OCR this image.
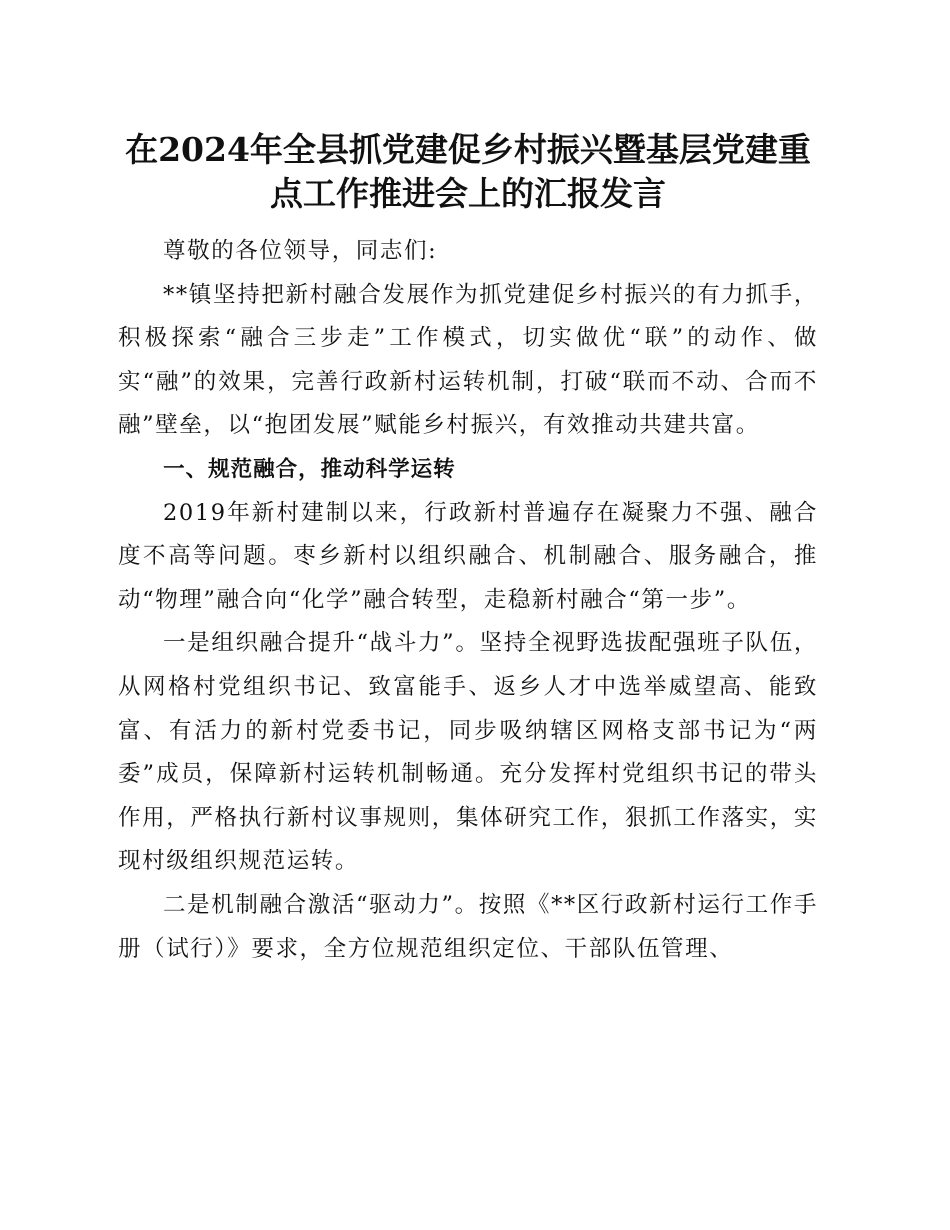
在2024年全县抓党建促乡村振兴暨基层党建重
点工作推进会上的汇报发言

尊敬的各位领导，同志们:

**镇坚持把新村融合发展作为抓党建促乡村振兴的有力抓手，积极探索“融合三步走”工作模式，切实做优“联”的动作、做实“融”的效果，完善行政新村运转机制，打破“联而不动、合而不融”壁垒，以“抱团发展”赋能乡村振兴，有效推动共建共富。

一、规范融合，推动科学运转

2019年新村建制以来，行政新村普遍存在凝聚力不强、融合度不高等问题。枣乡新村以组织融合、机制融合、服务融合，推动“物理”融合向“化学”融合转型，走稳新村融合“第一步”。

一是组织融合提升“战斗力”。坚持全视野选拔配强班子队伍，从网格村党组织书记、致富能手、返乡人才中选举威望高、能致富、有活力的新村党委书记，同步吸纳辖区网格支部书记为“两委”成员，保障新村运转机制畅通。充分发挥村党组织书记的带头作用，严格执行新村议事规则，集体研究工作，狠抓工作落实，实现村级组织规范运转。

二是机制融合激活“驱动力”。按照《**区行政新村运行工作手册（试行）》要求，全方位规范组织定位、干部队伍管理、
